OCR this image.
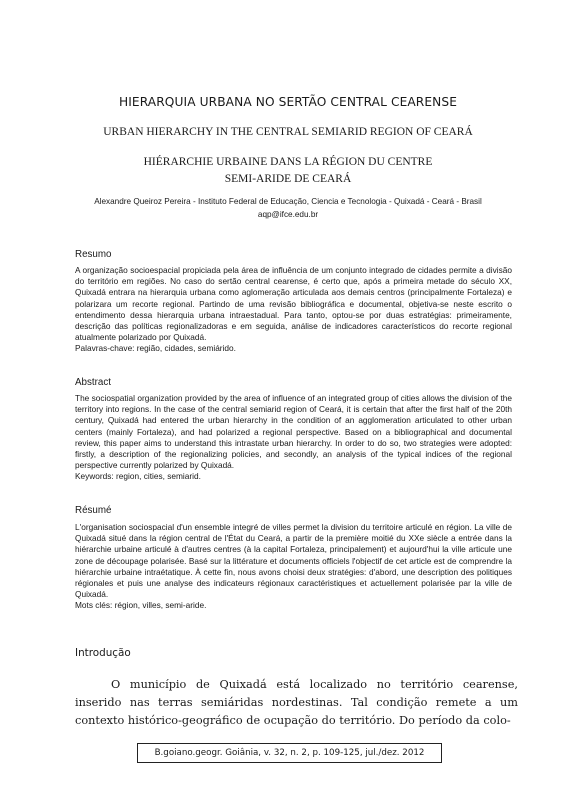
HIERARQUIA URBANA NO SERTÃO CENTRAL CEARENSE
URBAN HIERARCHY IN THE CENTRAL SEMIARID REGION OF CEARÁ
HIÉRARCHIE URBAINE DANS LA RÉGION DU CENTRE
SEMI-ARIDE DE CEARÁ
Alexandre Queiroz Pereira - Instituto Federal de Educação, Ciencia e Tecnologia - Quixadá - Ceará - Brasil
aqp@ifce.edu.br
Resumo

A organização socioespacial propiciada pela área de influência de um conjunto integrado de cidades permite a divisão do território em regiões. No caso do sertão central cearense, é certo que, após a primeira metade do século XX, Quixadá entrara na hierarquia urbana como aglomeração articulada aos demais centros (principalmente Fortaleza) e polarizara um recorte regional. Partindo de uma revisão bibliográfica e documental, objetiva-se neste escrito o entendimento dessa hierarquia urbana intraestadual. Para tanto, optou-se por duas estratégias: primeiramente, descrição das políticas regionalizadoras e em seguida, análise de indicadores característicos do recorte regional atualmente polarizado por Quixadá.

Palavras-chave: região, cidades, semiárido.

Abstract

The sociospatial organization provided by the area of influence of an integrated group of cities allows the division of the territory into regions. In the case of the central semiarid region of Ceará, it is certain that after the first half of the 20th century, Quixadá had entered the urban hierarchy in the condition of an agglomeration articulated to other urban centers (mainly Fortaleza), and had polarized a regional perspective. Based on a bibliographical and documental review, this paper aims to understand this intrastate urban hierarchy. In order to do so, two strategies were adopted: firstly, a description of the regionalizing policies, and secondly, an analysis of the typical indices of the regional perspective currently polarized by Quixadá.

Keywords: region, cities, semiarid.

Résumé

L'organisation sociospacial d'un ensemble integré de villes permet la division du territoire articulé en région. La ville de Quixadá situé dans la région central de l'État du Ceará, a partir de la première moitié du XXe siècle a entrée dans la hiérarchie urbaine articulé à d'autres centres (à la capital Fortaleza, principalement) et aujourd'hui la ville articule une zone de découpage polarisée. Basé sur la littérature et documents officiels l'objectif de cet article est de comprendre la hiérarchie urbaine intraétatique. À cette fin, nous avons choisi deux stratégies: d'abord, une description des politiques régionales et puis une analyse des indicateurs régionaux caractéristiques et actuellement polarisée par la ville de Quixadá.

Mots clés: région, villes, semi-aride.

Introdução

O município de Quixadá está localizado no território cearense, inserido nas terras semiáridas nordestinas. Tal condição remete a um contexto histórico-geográfico de ocupação do território. Do período da colo-

B.goiano.geogr. Goiânia, v. 32, n. 2, p. 109-125, jul./dez. 2012
